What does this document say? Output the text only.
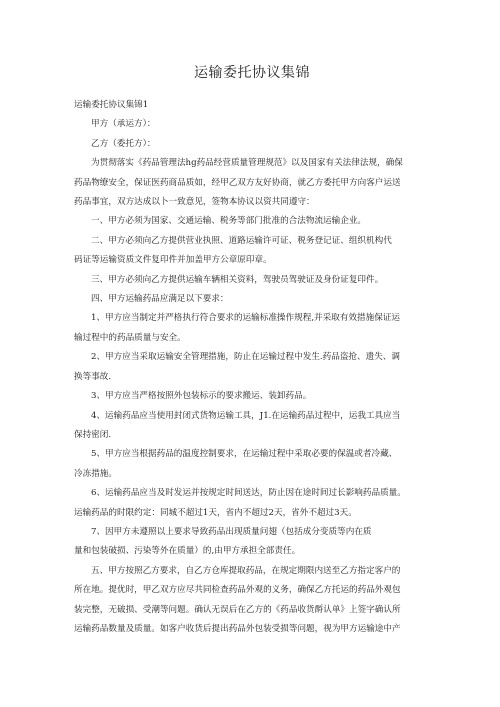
运输委托协议集锦

运输委托协议集锦1

甲方（承运方）：

乙方（委托方）：

为贯彻落实《药品管理法hg药品经营质量管理规范》以及国家有关法律法规，确保

药品物缭安全，保证医药商品质如，经甲乙双方友好协商，就乙方委托甲方向客户运送

药品事宜，双方达成以卜一致意见，签物本协议以资共同遵守：

一、甲方必须为国家、交通运输、税务等部门批准的合法物流运输企业。

二、甲方必须向乙方提供营业执照、道路运输许可证、税务登记证、组织机构代

码证等运输资质文件复印件并加盖甲方公章原印章。

三、甲方必须向乙方提供运输车辆相关资料，驾驶员驾驶证及身份证复印件。

四、甲方运输药品应满足以下要求：

1、甲方应当制定并严格执行符合要求的运输标准操作规程,并采取有效措施保证运

输过程中的药品质量与安全。

2、甲方应当采取运输安全管理措施，防止在运输过程中发生.药品盗抢、遗失、调

换等事故.

3、甲方应当严格按照外包装标示的要求搬运、装卸药品。

4、运输药品应当使用封闭式货物运输工具，J1.在运输药品过程中，运我工具应当

保持密闭.

5、甲方应当根据药品的温度控制要求，在运输过程中采取必要的保温或者冷藏、

冷冻措施。

6、运输药品应当及时发运并按规定时间送达，防止因在途时间过长影响药品质量。

运输药品的时限约定：同城不超过1天，省内不超过2天，省外不超过3天。

7、因甲方未遵照以上要求导致药品出现质量问翅（包括成分变质等内在质

量和包装破损、污染等外在质量）的,由甲方承担全部责任。

五、甲方按照乙方要求，自乙方仓库提取药品，在规定期限内送至乙方指定客户的

所在地。提优时，甲乙双方应尽共同检查药品外观的义务，确保乙方托运的药品外观包

装完整，无破损、受潮等问题。确认无误后在乙方的《药品收货酹认单》上签字确认所

运输药品数量及质量。如客户收货后提出药品外包装受损等问题，视为甲方运输途中产
